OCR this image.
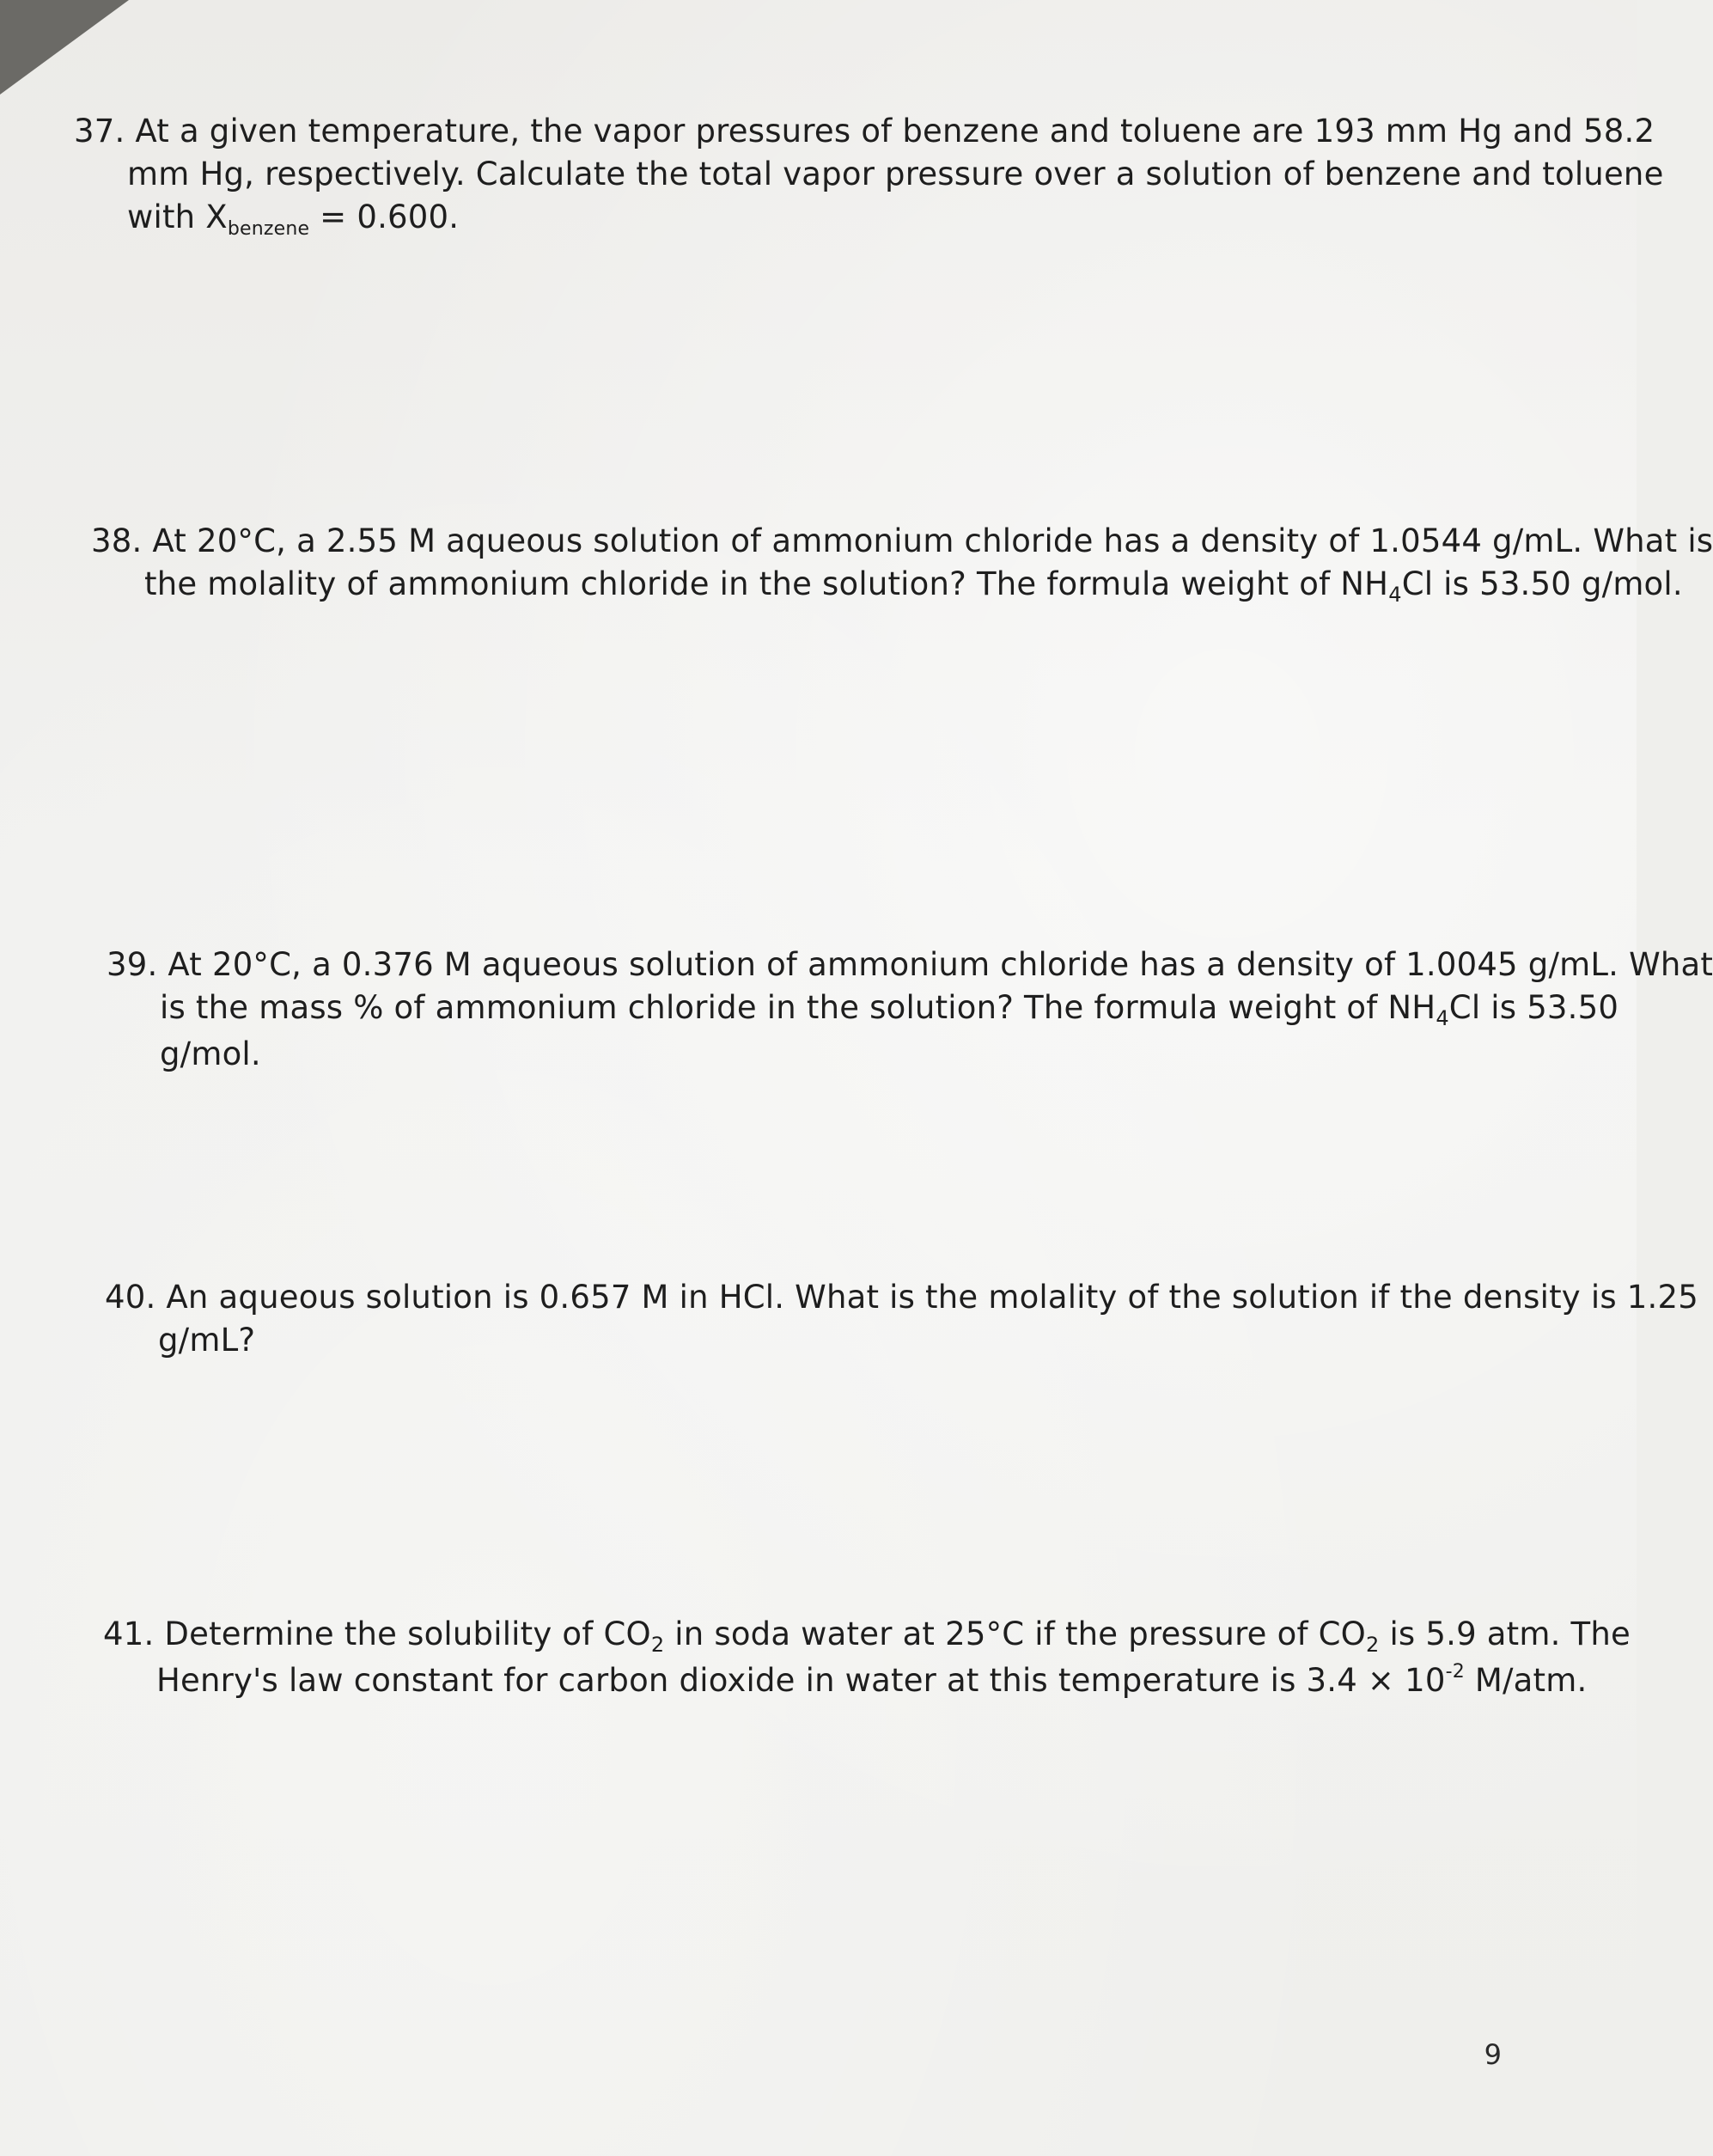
37. At a given temperature, the vapor pressures of benzene and toluene are 193 mm Hg and 58.2
mm Hg, respectively. Calculate the total vapor pressure over a solution of benzene and toluene
with $X_{benzene} = 0.600$.
38. At 20°C, a 2.55 M aqueous solution of ammonium chloride has a density of 1.0544 g/mL. What is
the molality of ammonium chloride in the solution? The formula weight of $NH_4Cl$ is 53.50 g/mol.
39. At 20°C, a 0.376 M aqueous solution of ammonium chloride has a density of 1.0045 g/mL. What
is the mass % of ammonium chloride in the solution? The formula weight of $NH_4Cl$ is 53.50
g/mol.
40. An aqueous solution is 0.657 M in HCl. What is the molality of the solution if the density is 1.25
g/mL?
41. Determine the solubility of $CO_2$ in soda water at 25°C if the pressure of $CO_2$ is 5.9 atm. The
Henry's law constant for carbon dioxide in water at this temperature is $3.4 \times 10^{-2}$ M/atm.
9
